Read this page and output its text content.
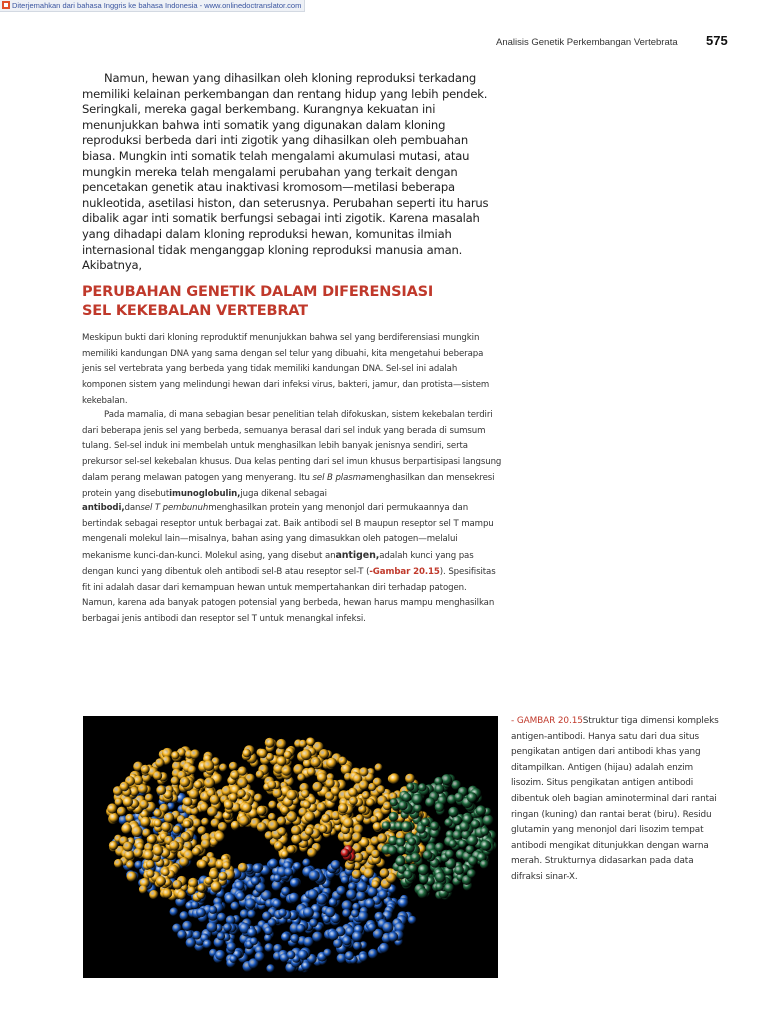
Diterjemahkan dari bahasa Inggris ke bahasa Indonesia - www.onlinedoctranslator.com
Analisis Genetik Perkembangan Vertebrata 575
Namun, hewan yang dihasilkan oleh kloning reproduksi terkadang memiliki kelainan perkembangan dan rentang hidup yang lebih pendek. Seringkali, mereka gagal berkembang. Kurangnya kekuatan ini menunjukkan bahwa inti somatik yang digunakan dalam kloning reproduksi berbeda dari inti zigotik yang dihasilkan oleh pembuahan biasa. Mungkin inti somatik telah mengalami akumulasi mutasi, atau mungkin mereka telah mengalami perubahan yang terkait dengan pencetakan genetik atau inaktivasi kromosom—metilasi beberapa nukleotida, asetilasi histon, dan seterusnya. Perubahan seperti itu harus dibalik agar inti somatik berfungsi sebagai inti zigotik. Karena masalah yang dihadapi dalam kloning reproduksi hewan, komunitas ilmiah internasional tidak menganggap kloning reproduksi manusia aman. Akibatnya,
PERUBAHAN GENETIK DALAM DIFERENSIASI
SEL KEKEBALAN VERTEBRAT
Meskipun bukti dari kloning reproduktif menunjukkan bahwa sel yang berdiferensiasi mungkin memiliki kandungan DNA yang sama dengan sel telur yang dibuahi, kita mengetahui beberapa jenis sel vertebrata yang berbeda yang tidak memiliki kandungan DNA. Sel-sel ini adalah komponen sistem yang melindungi hewan dari infeksi virus, bakteri, jamur, dan protista—sistem kekebalan.
Pada mamalia, di mana sebagian besar penelitian telah difokuskan, sistem kekebalan terdiri dari beberapa jenis sel yang berbeda, semuanya berasal dari sel induk yang berada di sumsum tulang. Sel-sel induk ini membelah untuk menghasilkan lebih banyak jenisnya sendiri, serta prekursor sel-sel kekebalan khusus. Dua kelas penting dari sel imun khusus berpartisipasi langsung dalam perang melawan patogen yang menyerang. Itu sel B plasmamenghasilkan dan mensekresi protein yang disebutimunoglobulin,juga dikenal sebagai
antibodi,dansel T pembunuhmenghasilkan protein yang menonjol dari permukaannya dan bertindak sebagai reseptor untuk berbagai zat. Baik antibodi sel B maupun reseptor sel T mampu mengenali molekul lain—misalnya, bahan asing yang dimasukkan oleh patogen—melalui mekanisme kunci-dan-kunci. Molekul asing, yang disebut anantigen,adalah kunci yang pas dengan kunci yang dibentuk oleh antibodi sel-B atau reseptor sel-T (-Gambar 20.15). Spesifisitas fit ini adalah dasar dari kemampuan hewan untuk mempertahankan diri terhadap patogen. Namun, karena ada banyak patogen potensial yang berbeda, hewan harus mampu menghasilkan berbagai jenis antibodi dan reseptor sel T untuk menangkal infeksi.
- GAMBAR 20.15Struktur tiga dimensi kompleks antigen-antibodi. Hanya satu dari dua situs pengikatan antigen dari antibodi khas yang ditampilkan. Antigen (hijau) adalah enzim lisozim. Situs pengikatan antigen antibodi dibentuk oleh bagian aminoterminal dari rantai ringan (kuning) dan rantai berat (biru). Residu glutamin yang menonjol dari lisozim tempat antibodi mengikat ditunjukkan dengan warna merah. Strukturnya didasarkan pada data difraksi sinar-X.
